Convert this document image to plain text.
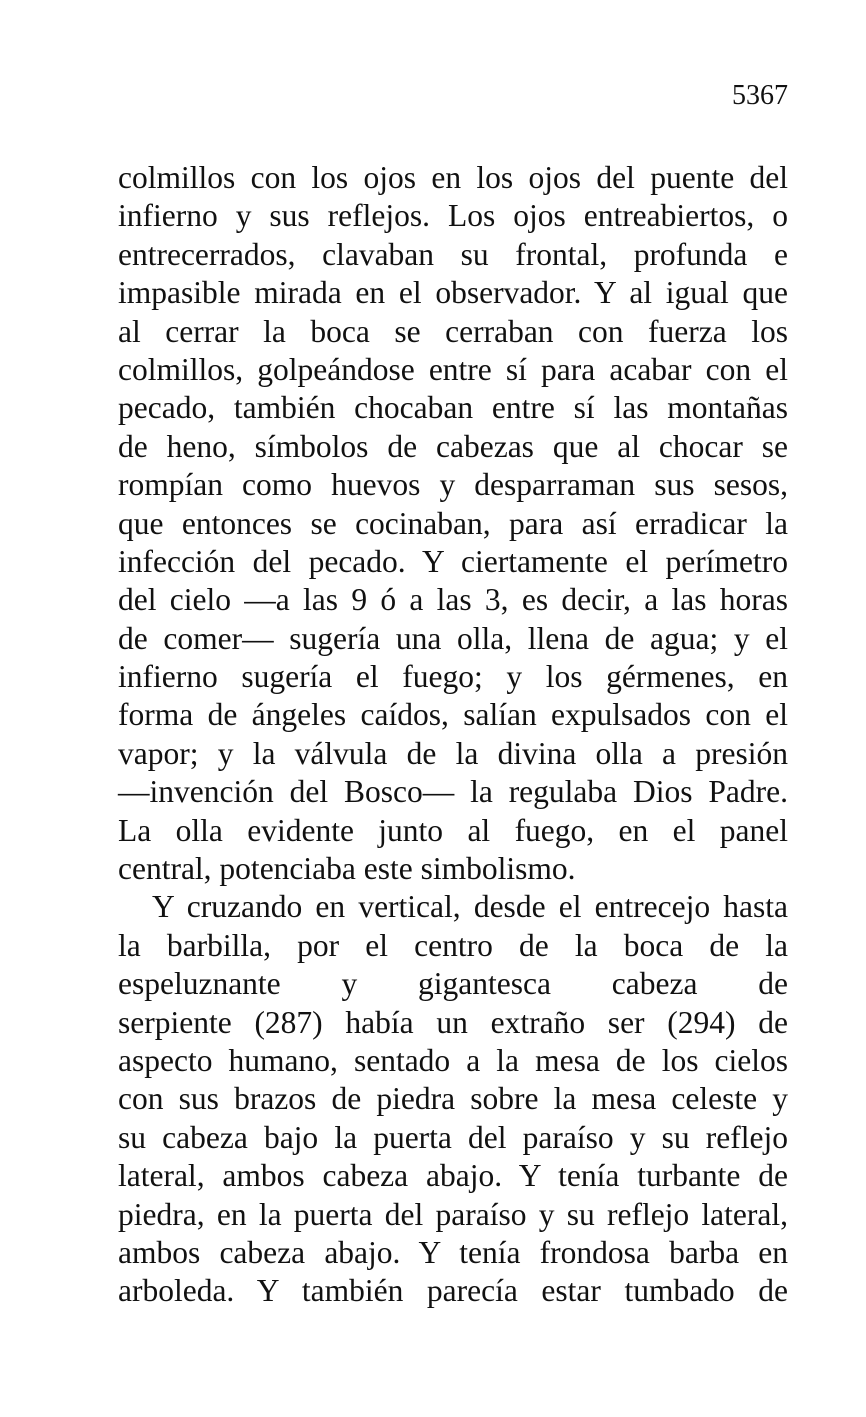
5367
colmillos con los ojos en los ojos del puente del
infierno y sus reflejos. Los ojos entreabiertos, o
entrecerrados, clavaban su frontal, profunda e
impasible mirada en el observador. Y al igual que
al cerrar la boca se cerraban con fuerza los
colmillos, golpeándose entre sí para acabar con el
pecado, también chocaban entre sí las montañas
de heno, símbolos de cabezas que al chocar se
rompían como huevos y desparraman sus sesos,
que entonces se cocinaban, para así erradicar la
infección del pecado. Y ciertamente el perímetro
del cielo —a las 9 ó a las 3, es decir, a las horas
de comer— sugería una olla, llena de agua; y el
infierno sugería el fuego; y los gérmenes, en
forma de ángeles caídos, salían expulsados con el
vapor; y la válvula de la divina olla a presión
—invención del Bosco— la regulaba Dios Padre.
La olla evidente junto al fuego, en el panel
central, potenciaba este simbolismo.
Y cruzando en vertical, desde el entrecejo hasta
la barbilla, por el centro de la boca de la
espeluznante y gigantesca cabeza de
serpiente (287) había un extraño ser (294) de
aspecto humano, sentado a la mesa de los cielos
con sus brazos de piedra sobre la mesa celeste y
su cabeza bajo la puerta del paraíso y su reflejo
lateral, ambos cabeza abajo. Y tenía turbante de
piedra, en la puerta del paraíso y su reflejo lateral,
ambos cabeza abajo. Y tenía frondosa barba en
arboleda. Y también parecía estar tumbado de
